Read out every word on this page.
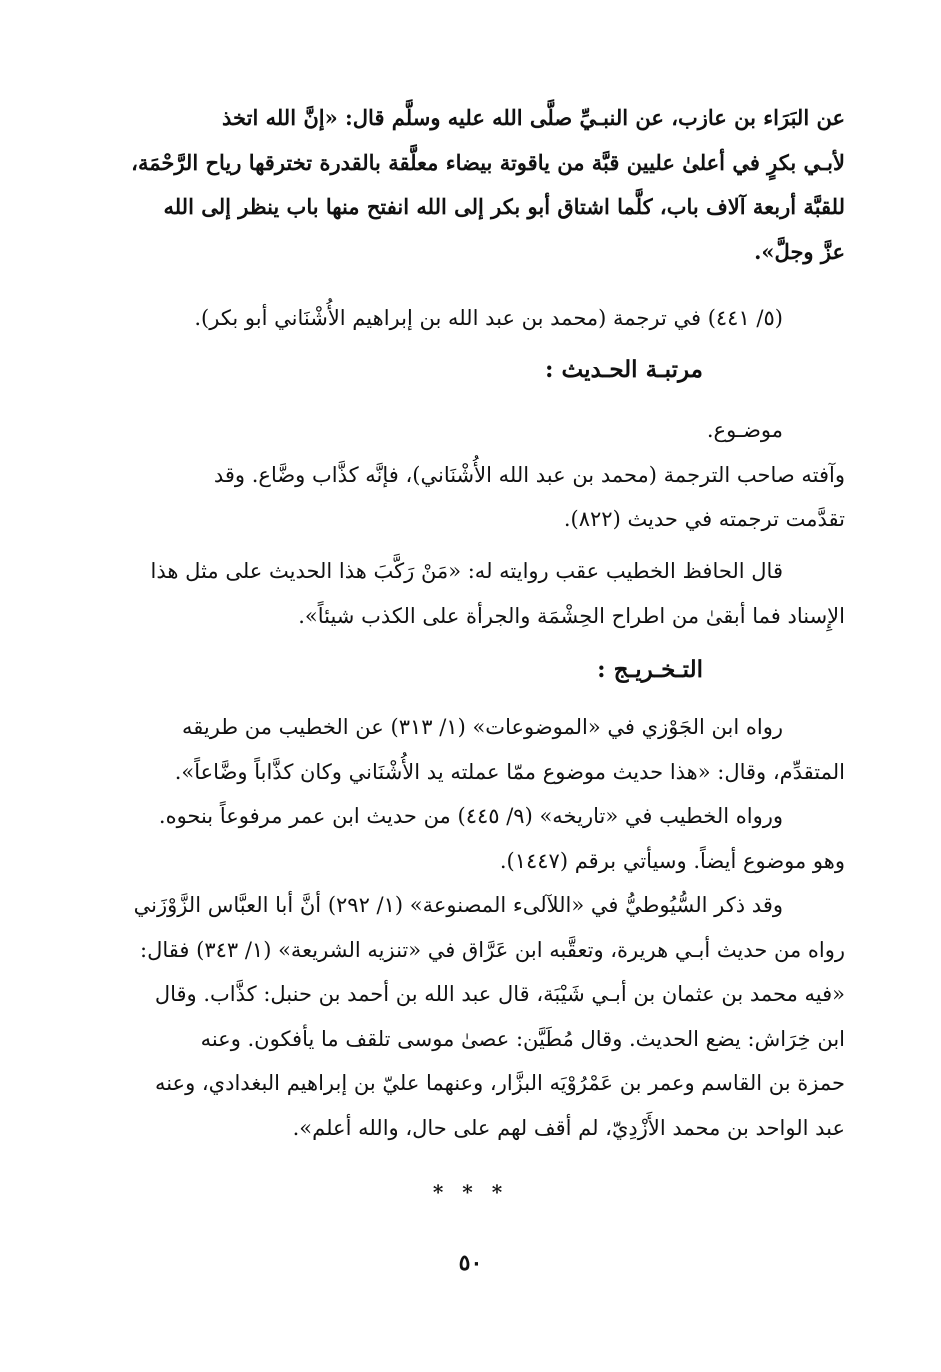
عن البَرَاء بن عازب، عن النبـيِّ صلَّى الله عليه وسلَّم قال: «إنَّ الله اتخذ
لأبـي بكرٍ في أعلىٰ عليين قبَّة من ياقوتة بيضاء معلَّقة بالقدرة تخترقها رياح الرَّحْمَة،
للقبَّة أربعة آلاف باب، كلَّما اشتاق أبو بكر إلى الله انفتح منها باب ينظر إلى الله
عزَّ وجلَّ».
(٥/ ٤٤١) في ترجمة (محمد بن عبد الله بن إبراهيم الأُشْنَاني أبو بكر).
مرتبـة الحـديث :
موضـوع.
وآفته صاحب الترجمة (محمد بن عبد الله الأُشْنَاني)، فإنَّه كذَّاب وضَّاع. وقد
تقدَّمت ترجمته في حديث (٨٢٢).
قال الحافظ الخطيب عقب روايته له: «مَنْ رَكَّبَ هذا الحديث على مثل هذا
الإِسناد فما أبقىٰ من اطراح الحِشْمَة والجرأة على الكذب شيئاً».
التـخـريـج :
رواه ابن الجَوْزي في «الموضوعات» (١/ ٣١٣) عن الخطيب من طريقه
المتقدِّم، وقال: «هذا حديث موضوع ممّا عملته يد الأُشْنَاني وكان كذَّاباً وضَّاعاً».
ورواه الخطيب في «تاريخه» (٩/ ٤٤٥) من حديث ابن عمر مرفوعاً بنحوه.
وهو موضوع أيضاً. وسيأتي برقم (١٤٤٧).
وقد ذكر السُّيُوطيُّ في «اللآلىء المصنوعة» (١/ ٢٩٢) أنَّ أبا العبَّاس الزَّوْزَني
رواه من حديث أبـي هريرة، وتعقَّبه ابن عَرَّاق في «تنزيه الشريعة» (١/ ٣٤٣) فقال:
«فيه محمد بن عثمان بن أبـي شَيْبَة، قال عبد الله بن أحمد بن حنبل: كذَّاب. وقال
ابن خِرَاش: يضع الحديث. وقال مُطَيَّن: عصىٰ موسى تلقف ما يأفكون. وعنه
حمزة بن القاسم وعمر بن عَمْرُوْيَه البزَّار، وعنهما عليّ بن إبراهيم البغدادي، وعنه
عبد الواحد بن محمد الأَزْدِيّ، لم أقف لهم على حال، والله أعلم».
* * *
٥٠
